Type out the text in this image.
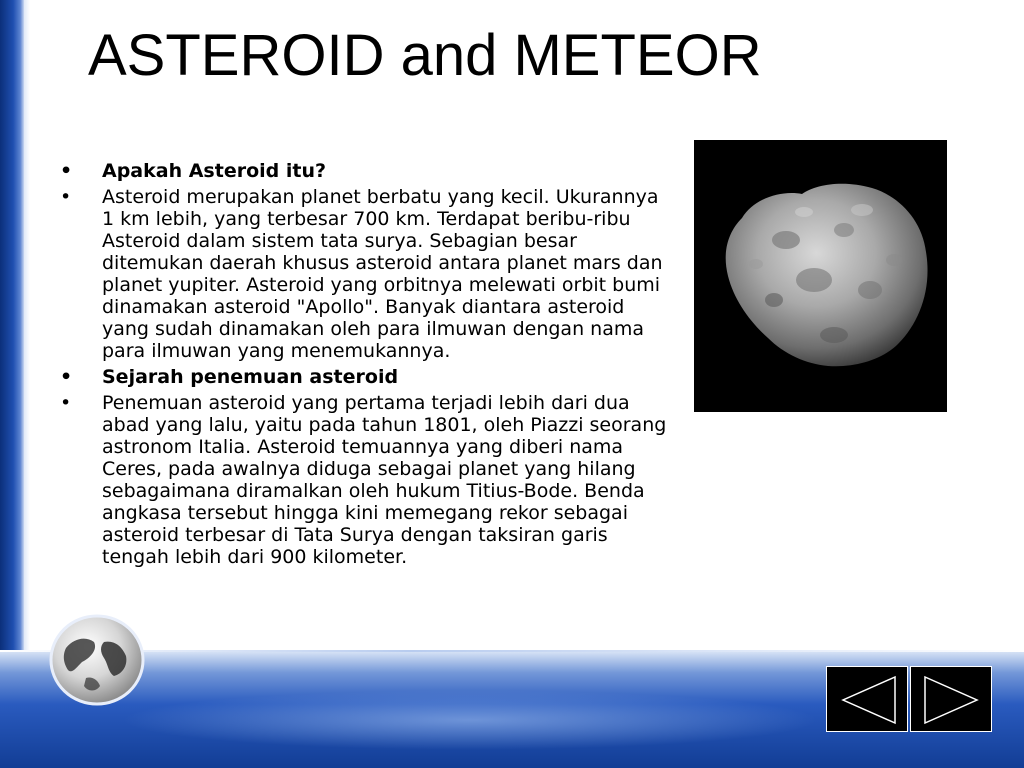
ASTEROID and METEOR
• Apakah Asteroid itu?
• Asteroid merupakan planet berbatu yang kecil. Ukurannya 1 km lebih, yang terbesar 700 km. Terdapat beribu-ribu Asteroid dalam sistem tata surya. Sebagian besar ditemukan daerah khusus asteroid antara planet mars dan planet yupiter. Asteroid yang orbitnya melewati orbit bumi dinamakan asteroid "Apollo". Banyak diantara asteroid yang sudah dinamakan oleh para ilmuwan dengan nama para ilmuwan yang menemukannya.
• Sejarah penemuan asteroid
• Penemuan asteroid yang pertama terjadi lebih dari dua abad yang lalu, yaitu pada tahun 1801, oleh Piazzi seorang astronom Italia. Asteroid temuannya yang diberi nama Ceres, pada awalnya diduga sebagai planet yang hilang sebagaimana diramalkan oleh hukum Titius-Bode. Benda angkasa tersebut hingga kini memegang rekor sebagai asteroid terbesar di Tata Surya dengan taksiran garis tengah lebih dari 900 kilometer.
